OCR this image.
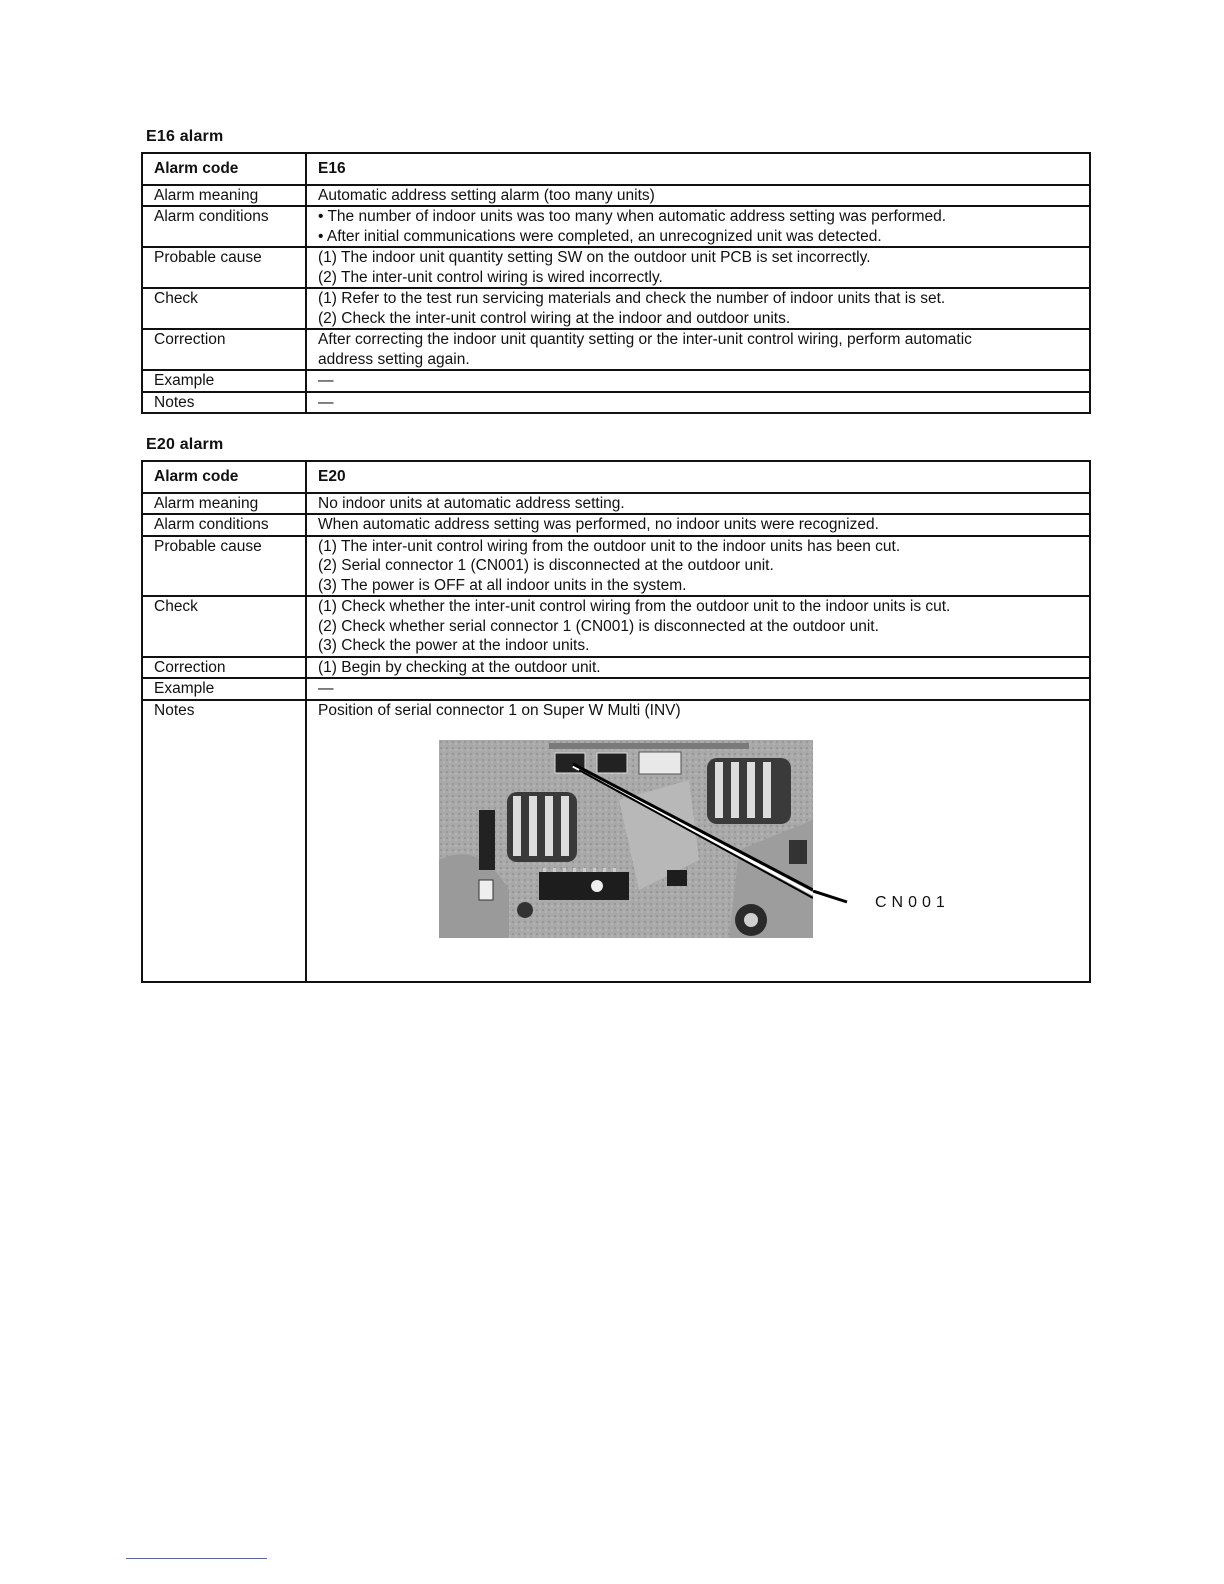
E16 alarm
Alarm code	E16
Alarm meaning	Automatic address setting alarm (too many units)
Alarm conditions	• The number of indoor units was too many when automatic address setting was performed.
• After initial communications were completed, an unrecognized unit was detected.

Probable cause	(1) The indoor unit quantity setting SW on the outdoor unit PCB is set incorrectly.
(2) The inter-unit control wiring is wired incorrectly.

Check	(1) Refer to the test run servicing materials and check the number of indoor units that is set.
(2) Check the inter-unit control wiring at the indoor and outdoor units.

Correction	After correcting the indoor unit quantity setting or the inter-unit control wiring, perform automatic
address setting again.

Example	—
Notes	—
E20 alarm
Alarm code	E20
Alarm meaning	No indoor units at automatic address setting.
Alarm conditions	When automatic address setting was performed, no indoor units were recognized.
Probable cause	(1) The inter-unit control wiring from the outdoor unit to the indoor units has been cut.
(2) Serial connector 1 (CN001) is disconnected at the outdoor unit.
(3) The power is OFF at all indoor units in the system.

Check	(1) Check whether the inter-unit control wiring from the outdoor unit to the indoor units is cut.
(2) Check whether serial connector 1 (CN001) is disconnected at the outdoor unit.
(3) Check the power at the indoor units.

Correction	(1) Begin by checking at the outdoor unit.
Example	—
Notes	Position of serial connector 1 on Super W Multi (INV)
CN001
